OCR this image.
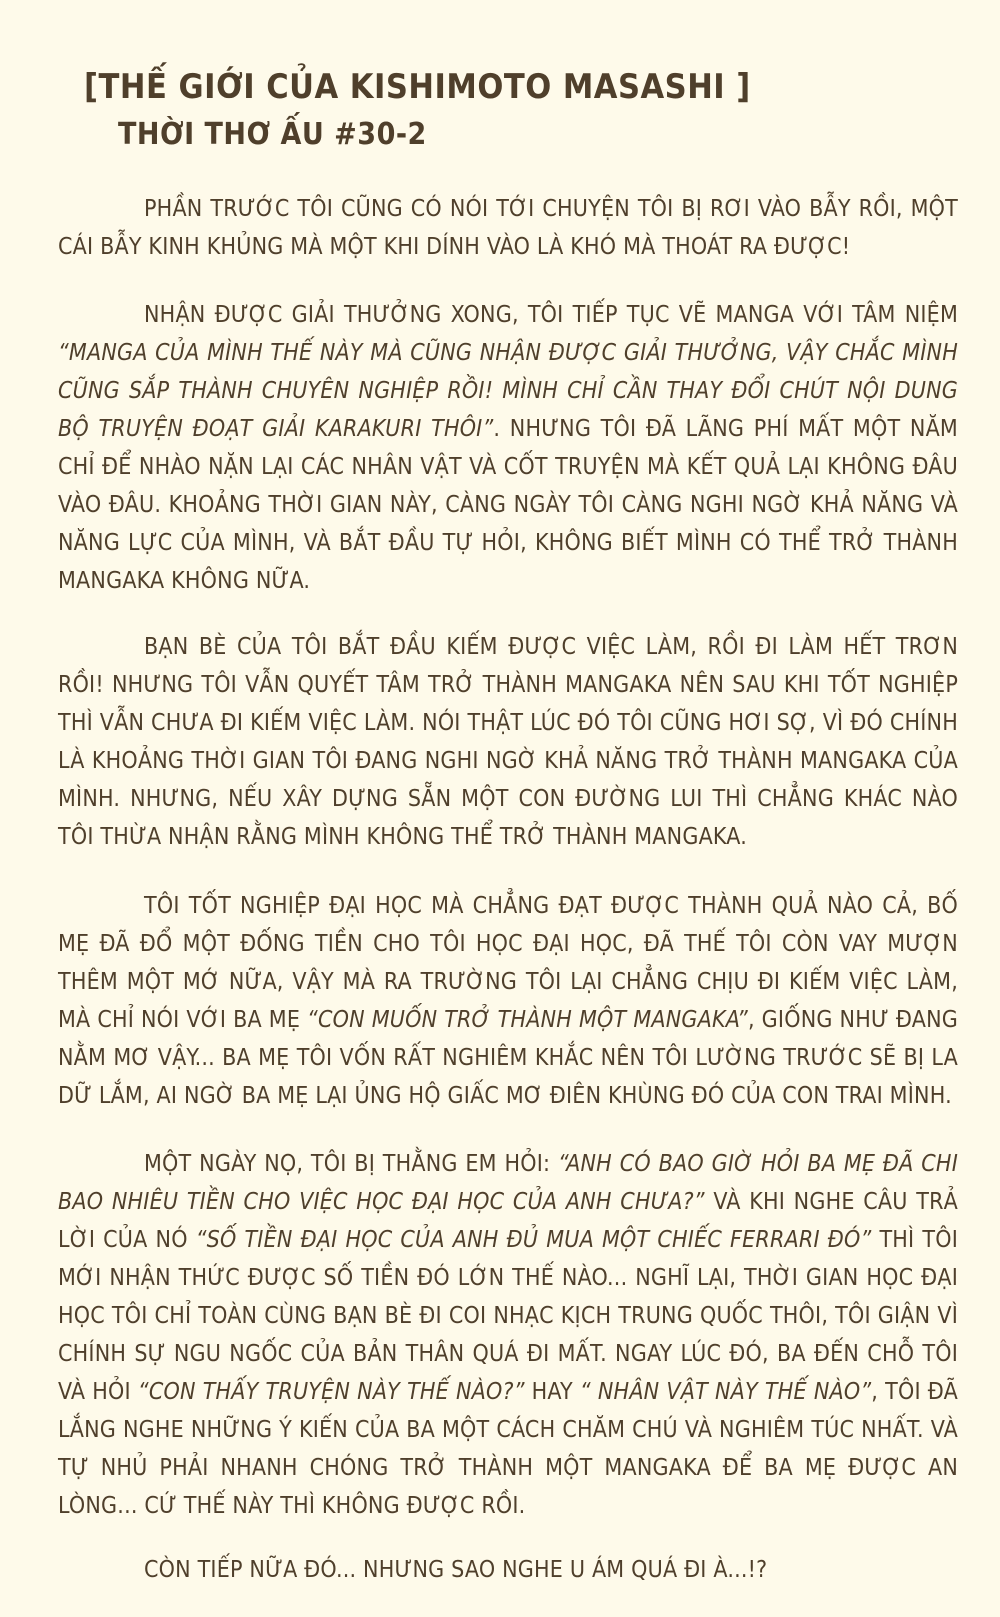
[THẾ GIỚI CỦA KISHIMOTO MASASHI ]
THỜI THƠ ẤU #30-2

PHẦN TRƯỚC TÔI CŨNG CÓ NÓI TỚI CHUYỆN TÔI BỊ RƠI VÀO BẪY RỒI, MỘT CÁI BẪY KINH KHỦNG MÀ MỘT KHI DÍNH VÀO LÀ KHÓ MÀ THOÁT RA ĐƯỢC!

NHẬN ĐƯỢC GIẢI THƯỞNG XONG, TÔI TIẾP TỤC VẼ MANGA VỚI TÂM NIỆM “MANGA CỦA MÌNH THẾ NÀY MÀ CŨNG NHẬN ĐƯỢC GIẢI THƯỞNG, VẬY CHẮC MÌNH CŨNG SẮP THÀNH CHUYÊN NGHIỆP RỒI! MÌNH CHỈ CẦN THAY ĐỔI CHÚT NỘI DUNG BỘ TRUYỆN ĐOẠT GIẢI KARAKURI THÔI”. NHƯNG TÔI ĐÃ LÃNG PHÍ MẤT MỘT NĂM CHỈ ĐỂ NHÀO NẶN LẠI CÁC NHÂN VẬT VÀ CỐT TRUYỆN MÀ KẾT QUẢ LẠI KHÔNG ĐÂU VÀO ĐÂU. KHOẢNG THỜI GIAN NÀY, CÀNG NGÀY TÔI CÀNG NGHI NGỜ KHẢ NĂNG VÀ NĂNG LỰC CỦA MÌNH, VÀ BẮT ĐẦU TỰ HỎI, KHÔNG BIẾT MÌNH CÓ THỂ TRỞ THÀNH MANGAKA KHÔNG NỮA.

BẠN BÈ CỦA TÔI BẮT ĐẦU KIẾM ĐƯỢC VIỆC LÀM, RỒI ĐI LÀM HẾT TRƠN RỒI! NHƯNG TÔI VẪN QUYẾT TÂM TRỞ THÀNH MANGAKA NÊN SAU KHI TỐT NGHIỆP THÌ VẪN CHƯA ĐI KIẾM VIỆC LÀM. NÓI THẬT LÚC ĐÓ TÔI CŨNG HƠI SỢ, VÌ ĐÓ CHÍNH LÀ KHOẢNG THỜI GIAN TÔI ĐANG NGHI NGỜ KHẢ NĂNG TRỞ THÀNH MANGAKA CỦA MÌNH. NHƯNG, NẾU XÂY DỰNG SẴN MỘT CON ĐƯỜNG LUI THÌ CHẲNG KHÁC NÀO TÔI THỪA NHẬN RẰNG MÌNH KHÔNG THỂ TRỞ THÀNH MANGAKA.

TÔI TỐT NGHIỆP ĐẠI HỌC MÀ CHẲNG ĐẠT ĐƯỢC THÀNH QUẢ NÀO CẢ, BỐ MẸ ĐÃ ĐỔ MỘT ĐỐNG TIỀN CHO TÔI HỌC ĐẠI HỌC, ĐÃ THẾ TÔI CÒN VAY MƯỢN THÊM MỘT MỚ NỮA, VẬY MÀ RA TRƯỜNG TÔI LẠI CHẲNG CHỊU ĐI KIẾM VIỆC LÀM, MÀ CHỈ NÓI VỚI BA MẸ “CON MUỐN TRỞ THÀNH MỘT MANGAKA”, GIỐNG NHƯ ĐANG NẰM MƠ VẬY... BA MẸ TÔI VỐN RẤT NGHIÊM KHẮC NÊN TÔI LƯỜNG TRƯỚC SẼ BỊ LA DỮ LẮM, AI NGỜ BA MẸ LẠI ỦNG HỘ GIẤC MƠ ĐIÊN KHÙNG ĐÓ CỦA CON TRAI MÌNH.

MỘT NGÀY NỌ, TÔI BỊ THẰNG EM HỎI: “ANH CÓ BAO GIỜ HỎI BA MẸ ĐÃ CHI BAO NHIÊU TIỀN CHO VIỆC HỌC ĐẠI HỌC CỦA ANH CHƯA?” VÀ KHI NGHE CÂU TRẢ LỜI CỦA NÓ “SỐ TIỀN ĐẠI HỌC CỦA ANH ĐỦ MUA MỘT CHIẾC FERRARI ĐÓ” THÌ TÔI MỚI NHẬN THỨC ĐƯỢC SỐ TIỀN ĐÓ LỚN THẾ NÀO... NGHĨ LẠI, THỜI GIAN HỌC ĐẠI HỌC TÔI CHỈ TOÀN CÙNG BẠN BÈ ĐI COI NHẠC KỊCH TRUNG QUỐC THÔI, TÔI GIẬN VÌ CHÍNH SỰ NGU NGỐC CỦA BẢN THÂN QUÁ ĐI MẤT. NGAY LÚC ĐÓ, BA ĐẾN CHỖ TÔI VÀ HỎI “CON THẤY TRUYỆN NÀY THẾ NÀO?” HAY “ NHÂN VẬT NÀY THẾ NÀO”, TÔI ĐÃ LẮNG NGHE NHỮNG Ý KIẾN CỦA BA MỘT CÁCH CHĂM CHÚ VÀ NGHIÊM TÚC NHẤT. VÀ TỰ NHỦ PHẢI NHANH CHÓNG TRỞ THÀNH MỘT MANGAKA ĐỂ BA MẸ ĐƯỢC AN LÒNG... CỨ THẾ NÀY THÌ KHÔNG ĐƯỢC RỒI.

CÒN TIẾP NỮA ĐÓ... NHƯNG SAO NGHE U ÁM QUÁ ĐI À...!?
